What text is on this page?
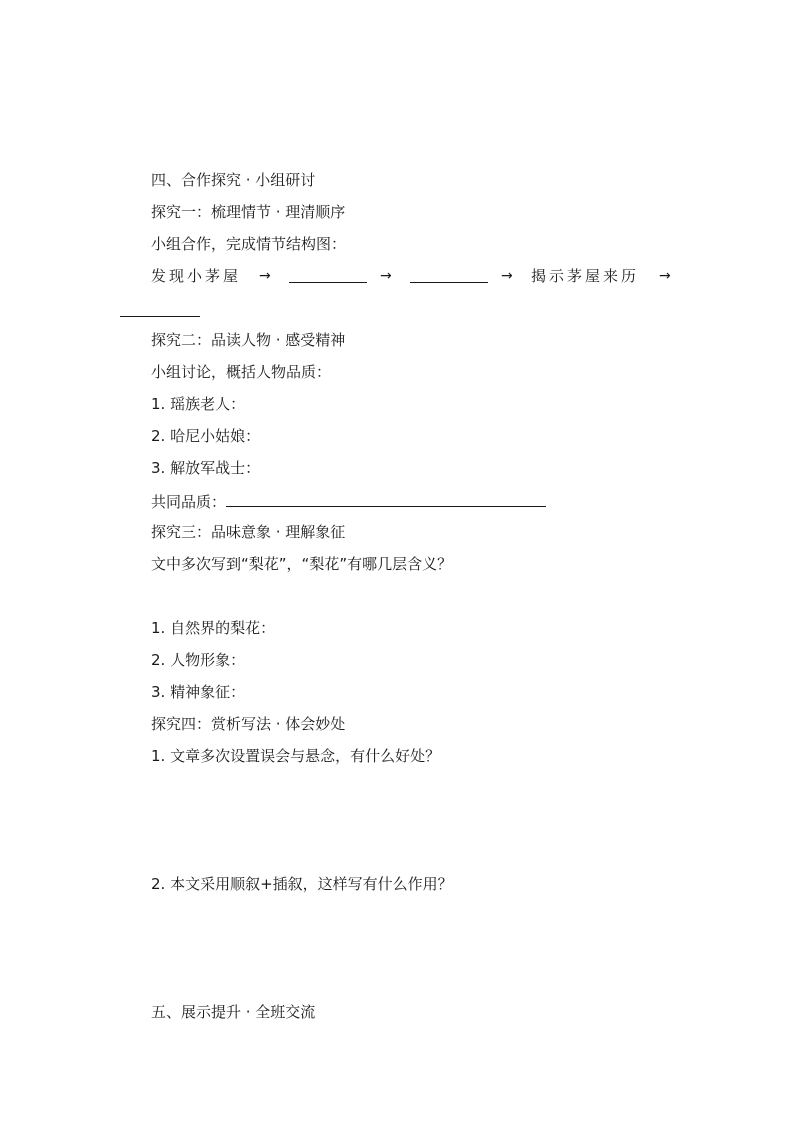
四、合作探究 · 小组研讨
探究一：梳理情节 · 理清顺序
小组合作，完成情节结构图：
发现小茅屋 →	→	→ 揭示茅屋来历 →
探究二：品读人物 · 感受精神
小组讨论，概括人物品质：
1. 瑶族老人：
2. 哈尼小姑娘：
3. 解放军战士：
共同品质：
探究三：品味意象 · 理解象征
文中多次写到“梨花”，“梨花”有哪几层含义？
1. 自然界的梨花：
2. 人物形象：
3. 精神象征：
探究四：赏析写法 · 体会妙处
1. 文章多次设置误会与悬念，有什么好处？
2. 本文采用顺叙+插叙，这样写有什么作用？
五、展示提升 · 全班交流
